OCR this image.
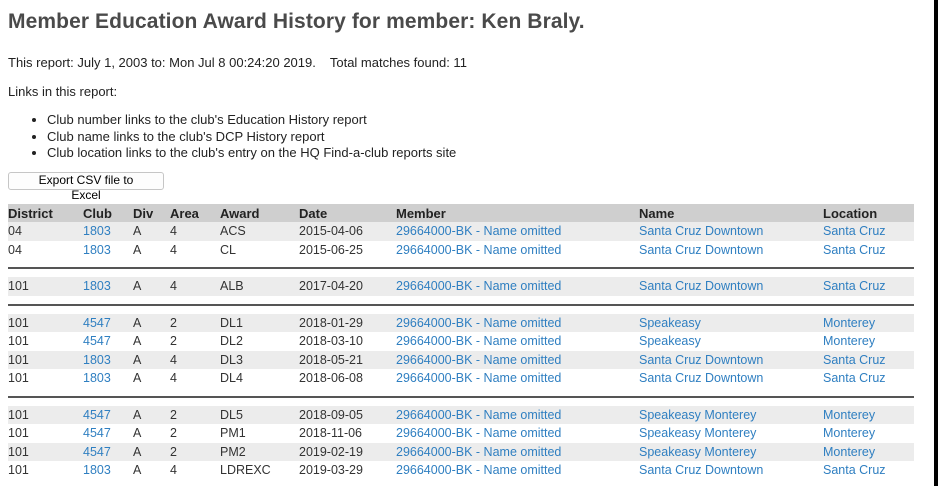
Member Education Award History for member: Ken Braly.
This report: July 1, 2003 to: Mon Jul 8 00:24:20 2019. Total matches found: 11
Links in this report:
• Club number links to the club's Education History report
• Club name links to the club's DCP History report
• Club location links to the club's entry on the HQ Find-a-club reports site
Export CSV file to Excel
District	Club	Div	Area	Award	Date	Member	Name	Location
04	1803	A	4	ACS	2015-04-06	29664000-BK - Name omitted	Santa Cruz Downtown	Santa Cruz
04	1803	A	4	CL	2015-06-25	29664000-BK - Name omitted	Santa Cruz Downtown	Santa Cruz

101	1803	A	4	ALB	2017-04-20	29664000-BK - Name omitted	Santa Cruz Downtown	Santa Cruz

101	4547	A	2	DL1	2018-01-29	29664000-BK - Name omitted	Speakeasy	Monterey
101	4547	A	2	DL2	2018-03-10	29664000-BK - Name omitted	Speakeasy	Monterey
101	1803	A	4	DL3	2018-05-21	29664000-BK - Name omitted	Santa Cruz Downtown	Santa Cruz
101	1803	A	4	DL4	2018-06-08	29664000-BK - Name omitted	Santa Cruz Downtown	Santa Cruz

101	4547	A	2	DL5	2018-09-05	29664000-BK - Name omitted	Speakeasy Monterey	Monterey
101	4547	A	2	PM1	2018-11-06	29664000-BK - Name omitted	Speakeasy Monterey	Monterey
101	4547	A	2	PM2	2019-02-19	29664000-BK - Name omitted	Speakeasy Monterey	Monterey
101	1803	A	4	LDREXC	2019-03-29	29664000-BK - Name omitted	Santa Cruz Downtown	Santa Cruz
